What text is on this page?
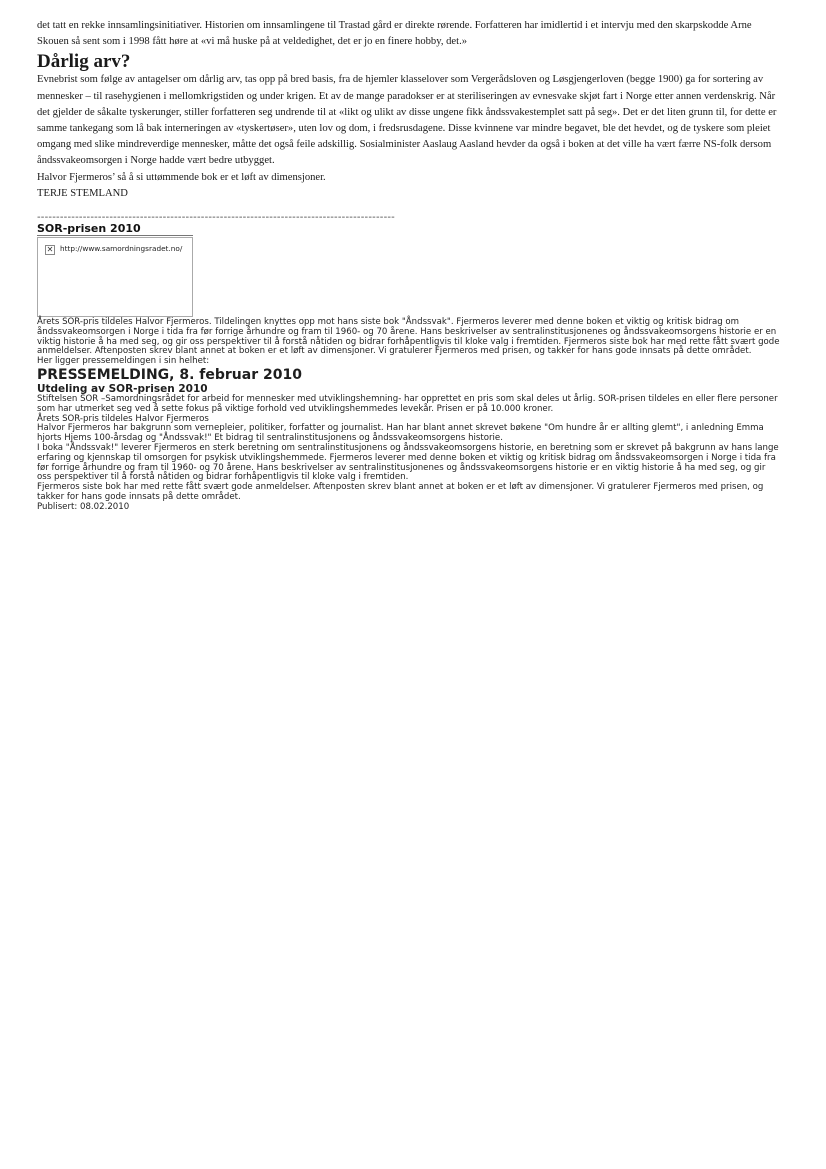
det tatt en rekke innsamlingsinitiativer. Historien om innsamlingene til Trastad gård er direkte rørende. Forfatteren har imidlertid i et intervju med den skarpskodde Arne Skouen så sent som i 1998 fått høre at «vi må huske på at veldedighet, det er jo en finere hobby, det.»

Dårlig arv?

Evnebrist som følge av antagelser om dårlig arv, tas opp på bred basis, fra de hjemler klasselover som Vergerådsloven og Løsgjengerloven (begge 1900) ga for sortering av mennesker – til rasehygienen i mellomkrigstiden og under krigen. Et av de mange paradokser er at steriliseringen av evnesvake skjøt fart i Norge etter annen verdenskrig. Når det gjelder de såkalte tyskerunger, stiller forfatteren seg undrende til at «likt og ulikt av disse ungene fikk åndssvakestemplet satt på seg». Det er det liten grunn til, for dette er samme tankegang som lå bak interneringen av «tyskertøser», uten lov og dom, i fredsrusdagene. Disse kvinnene var mindre begavet, ble det hevdet, og de tyskere som pleiet omgang med slike mindreverdige mennesker, måtte det også feile adskillig. Sosialminister Aaslaug Aasland hevder da også i boken at det ville ha vært færre NS-folk dersom åndssvakeomsorgen i Norge hadde vært bedre utbygget.

Halvor Fjermeros’ så å si uttømmende bok er et løft av dimensjoner.

TERJE STEMLAND

----------------------------------------------------------------------------------------------
SOR-prisen 2010
✕ http://www.samordningsradet.no/

Årets SOR-pris tildeles Halvor Fjermeros. Tildelingen knyttes opp mot hans siste bok "Åndssvak". Fjermeros leverer med denne boken et viktig og kritisk bidrag om åndssvakeomsorgen i Norge i tida fra før forrige århundre og fram til 1960- og 70 årene. Hans beskrivelser av sentralinstitusjonenes og åndssvakeomsorgens historie er en viktig historie å ha med seg, og gir oss perspektiver til å forstå nåtiden og bidrar forhåpentligvis til kloke valg i fremtiden. Fjermeros siste bok har med rette fått svært gode anmeldelser. Aftenposten skrev blant annet at boken er et løft av dimensjoner. Vi gratulerer Fjermeros med prisen, og takker for hans gode innsats på dette området.

Her ligger pressemeldingen i sin helhet:

PRESSEMELDING, 8. februar 2010

Utdeling av SOR-prisen 2010

Stiftelsen SOR –Samordningsrådet for arbeid for mennesker med utviklingshemning- har opprettet en pris som skal deles ut årlig. SOR-prisen tildeles en eller flere personer som har utmerket seg ved å sette fokus på viktige forhold ved utviklingshemmedes levekår. Prisen er på 10.000 kroner.

Årets SOR-pris tildeles Halvor Fjermeros

Halvor Fjermeros har bakgrunn som vernepleier, politiker, forfatter og journalist. Han har blant annet skrevet bøkene "Om hundre år er allting glemt", i anledning Emma hjorts Hjems 100-årsdag og "Åndssvak!" Et bidrag til sentralinstitusjonens og åndssvakeomsorgens historie.

I boka "Åndssvak!" leverer Fjermeros en sterk beretning om sentralinstitusjonens og åndssvakeomsorgens historie, en beretning som er skrevet på bakgrunn av hans lange erfaring og kjennskap til omsorgen for psykisk utviklingshemmede. Fjermeros leverer med denne boken et viktig og kritisk bidrag om åndssvakeomsorgen i Norge i tida fra før forrige århundre og fram til 1960- og 70 årene. Hans beskrivelser av sentralinstitusjonenes og åndssvakeomsorgens historie er en viktig historie å ha med seg, og gir oss perspektiver til å forstå nåtiden og bidrar forhåpentligvis til kloke valg i fremtiden.

Fjermeros siste bok har med rette fått svært gode anmeldelser. Aftenposten skrev blant annet at boken er et løft av dimensjoner. Vi gratulerer Fjermeros med prisen, og takker for hans gode innsats på dette området.

Publisert: 08.02.2010
